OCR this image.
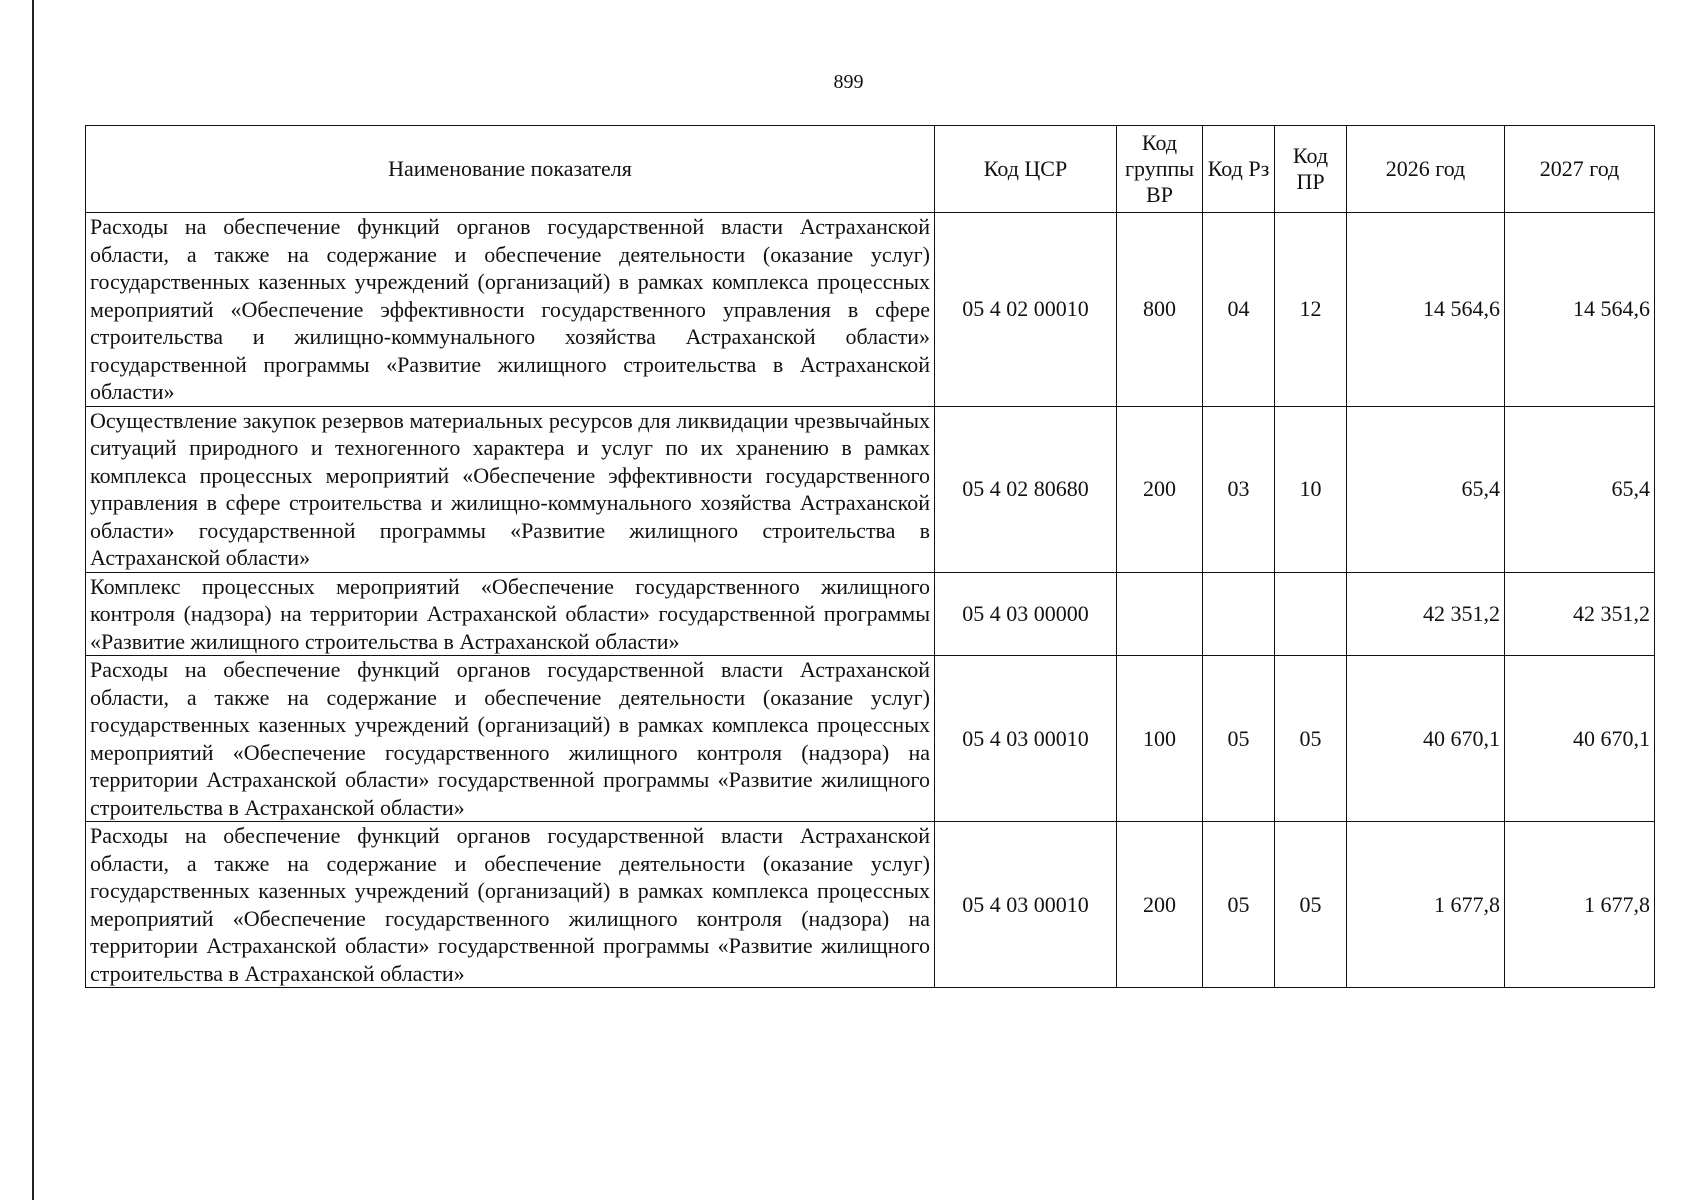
899
Наименование показателя	Код ЦСР	Код группы ВР	Код Рз	Код ПР	2026 год	2027 год
Расходы на обеспечение функций органов государственной власти Астраханской области, а также на содержание и обеспечение деятельности (оказание услуг) государственных казенных учреждений (организаций) в рамках комплекса процессных мероприятий «Обеспечение эффективности государственного управления в сфере строительства и жилищно-коммунального хозяйства Астраханской области» государственной программы «Развитие жилищного строительства в Астраханской области»	05 4 02 00010	800	04	12	14 564,6	14 564,6
Осуществление закупок резервов материальных ресурсов для ликвидации чрезвычайных ситуаций природного и техногенного характера и услуг по их хранению в рамках комплекса процессных мероприятий «Обеспечение эффективности государственного управления в сфере строительства и жилищно-коммунального хозяйства Астраханской области» государственной программы «Развитие жилищного строительства в Астраханской области»	05 4 02 80680	200	03	10	65,4	65,4
Комплекс процессных мероприятий «Обеспечение государственного жилищного контроля (надзора) на территории Астраханской области» государственной программы «Развитие жилищного строительства в Астраханской области»	05 4 03 00000				42 351,2	42 351,2
Расходы на обеспечение функций органов государственной власти Астраханской области, а также на содержание и обеспечение деятельности (оказание услуг) государственных казенных учреждений (организаций) в рамках комплекса процессных мероприятий «Обеспечение государственного жилищного контроля (надзора) на территории Астраханской области» государственной программы «Развитие жилищного строительства в Астраханской области»	05 4 03 00010	100	05	05	40 670,1	40 670,1
Расходы на обеспечение функций органов государственной власти Астраханской области, а также на содержание и обеспечение деятельности (оказание услуг) государственных казенных учреждений (организаций) в рамках комплекса процессных мероприятий «Обеспечение государственного жилищного контроля (надзора) на территории Астраханской области» государственной программы «Развитие жилищного строительства в Астраханской области»	05 4 03 00010	200	05	05	1 677,8	1 677,8
